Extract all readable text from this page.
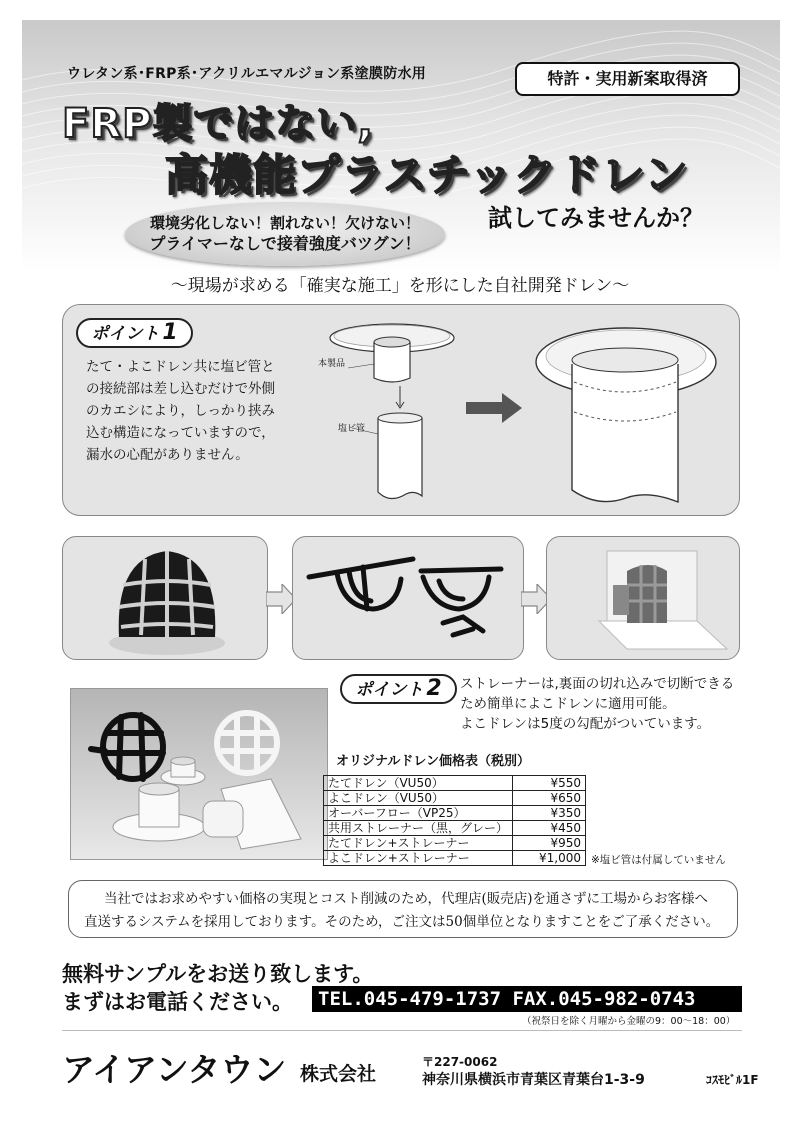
ウレタン系･FRP系･アクリルエマルジョン系塗膜防水用	特許・実用新案取得済
FRP製ではない,
高機能プラスチックドレン
環境劣化しない！割れない！欠けない！
プライマーなしで接着強度バツグン！
試してみませんか？
〜現場が求める「確実な施工」を形にした自社開発ドレン〜
ポイント 1
たて・よこドレン共に塩ビ管と
の接続部は差し込むだけで外側
のカエシにより，しっかり挟み
込む構造になっていますので，
漏水の心配がありません。
本製品
塩ビ管
ポイント 2	ストレーナーは,裏面の切れ込みで切断できる
ため簡単によこドレンに適用可能。
よこドレンは5度の勾配がついています。
オリジナルドレン価格表（税別）
たてドレン（VU50）	¥550
よこドレン（VU50）	¥650
オーバーフロー（VP25）	¥350
共用ストレーナー（黒，グレー）	¥450
たてドレン+ストレーナー	¥950
よこドレン+ストレーナー	¥1,000 ※塩ビ管は付属していません
当社ではお求めやすい価格の実現とコスト削減のため，代理店(販売店)を通さずに工場からお客様へ
直送するシステムを採用しております。そのため，ご注文は50個単位となりますことをご了承ください。
無料サンプルをお送り致します。
まずはお電話ください。	TEL.045-479-1737 FAX.045-982-0743
（祝祭日を除く月曜から金曜の9：00〜18：00）
アイアンタウン 株式会社
〒227-0062
神奈川県横浜市青葉区青葉台1-3-9	ｺｽﾓﾋﾞﾙ1F
